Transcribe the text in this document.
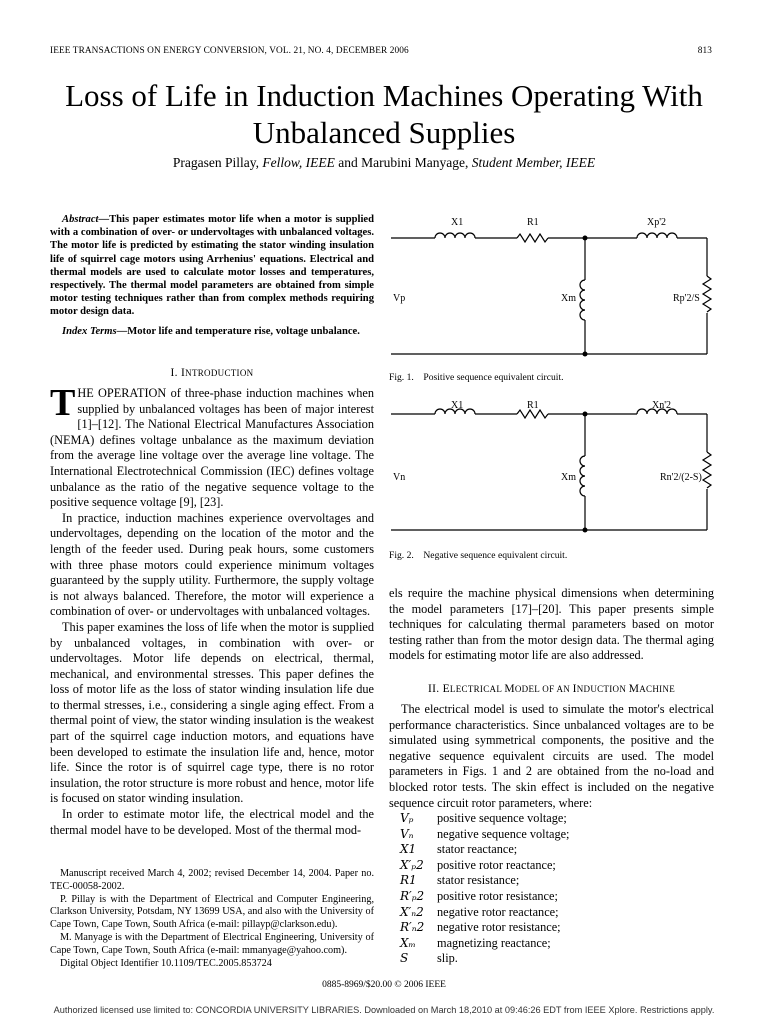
IEEE TRANSACTIONS ON ENERGY CONVERSION, VOL. 21, NO. 4, DECEMBER 2006	813
Loss of Life in Induction Machines Operating With Unbalanced Supplies
Pragasen Pillay, Fellow, IEEE and Marubini Manyage, Student Member, IEEE

Abstract—This paper estimates motor life when a motor is supplied with a combination of over- or undervoltages with unbalanced voltages. The motor life is predicted by estimating the stator winding insulation life of squirrel cage motors using Arrhenius' equations. Electrical and thermal models are used to calculate motor losses and temperatures, respectively. The thermal model parameters are obtained from simple motor testing techniques rather than from complex methods requiring motor design data.

Index Terms—Motor life and temperature rise, voltage unbalance.

I. INTRODUCTION

THE OPERATION of three-phase induction machines when supplied by unbalanced voltages has been of major interest [1]–[12]. The National Electrical Manufactures Association (NEMA) defines voltage unbalance as the maximum deviation from the average line voltage over the average line voltage. The International Electrotechnical Commission (IEC) defines voltage unbalance as the ratio of the negative sequence voltage to the positive sequence voltage [9], [23].

In practice, induction machines experience overvoltages and undervoltages, depending on the location of the motor and the length of the feeder used. During peak hours, some customers with three phase motors could experience minimum voltages guaranteed by the supply utility. Furthermore, the supply voltage is not always balanced. Therefore, the motor will experience a combination of over- or undervoltages with unbalanced voltages.

This paper examines the loss of life when the motor is supplied by unbalanced voltages, in combination with over- or undervoltages. Motor life depends on electrical, thermal, mechanical, and environmental stresses. This paper defines the loss of motor life as the loss of stator winding insulation life due to thermal stresses, i.e., considering a single aging effect. From a thermal point of view, the stator winding insulation is the weakest part of the squirrel cage induction motors, and equations have been developed to estimate the insulation life and, hence, motor life. Since the rotor is of squirrel cage type, there is no rotor insulation, the rotor structure is more robust and hence, motor life is focused on stator winding insulation.

In order to estimate motor life, the electrical model and the thermal model have to be developed. Most of the thermal mod-

Manuscript received March 4, 2002; revised December 14, 2004. Paper no. TEC-00058-2002.

P. Pillay is with the Department of Electrical and Computer Engineering, Clarkson University, Potsdam, NY 13699 USA, and also with the University of Cape Town, Cape Town, South Africa (e-mail: pillayp@clarkson.edu).

M. Manyage is with the Department of Electrical Engineering, University of Cape Town, Cape Town, South Africa (e-mail: mmanyage@yahoo.com).

Digital Object Identifier 10.1109/TEC.2005.853724

X1	R1	Xp'2
Vp	Xm	Rp'2/S
Fig. 1.    Positive sequence equivalent circuit.
X1	R1	Xn'2
Vn	Xm	Rn'2/(2-S)
Fig. 2.    Negative sequence equivalent circuit.

els require the machine physical dimensions when determining the model parameters [17]–[20]. This paper presents simple techniques for calculating thermal parameters based on motor testing rather than from the motor design data. The thermal aging models for estimating motor life are also addressed.

II. ELECTRICAL MODEL OF AN INDUCTION MACHINE

The electrical model is used to simulate the motor's electrical performance characteristics. Since unbalanced voltages are to be simulated using symmetrical components, the positive and the negative sequence equivalent circuits are used. The model parameters in Figs. 1 and 2 are obtained from the no-load and blocked rotor tests. The skin effect is included on the negative sequence circuit rotor parameters, where:

Vₚ	positive sequence voltage;
Vₙ	negative sequence voltage;
X1	stator reactance;
X′ₚ2	positive rotor reactance;
R1	stator resistance;
R′ₚ2	positive rotor resistance;
X′ₙ2	negative rotor reactance;
R′ₙ2	negative rotor resistance;
Xₘ	magnetizing reactance;
S	slip.
0885-8969/$20.00 © 2006 IEEE
Authorized licensed use limited to: CONCORDIA UNIVERSITY LIBRARIES. Downloaded on March 18,2010 at 09:46:26 EDT from IEEE Xplore. Restrictions apply.
